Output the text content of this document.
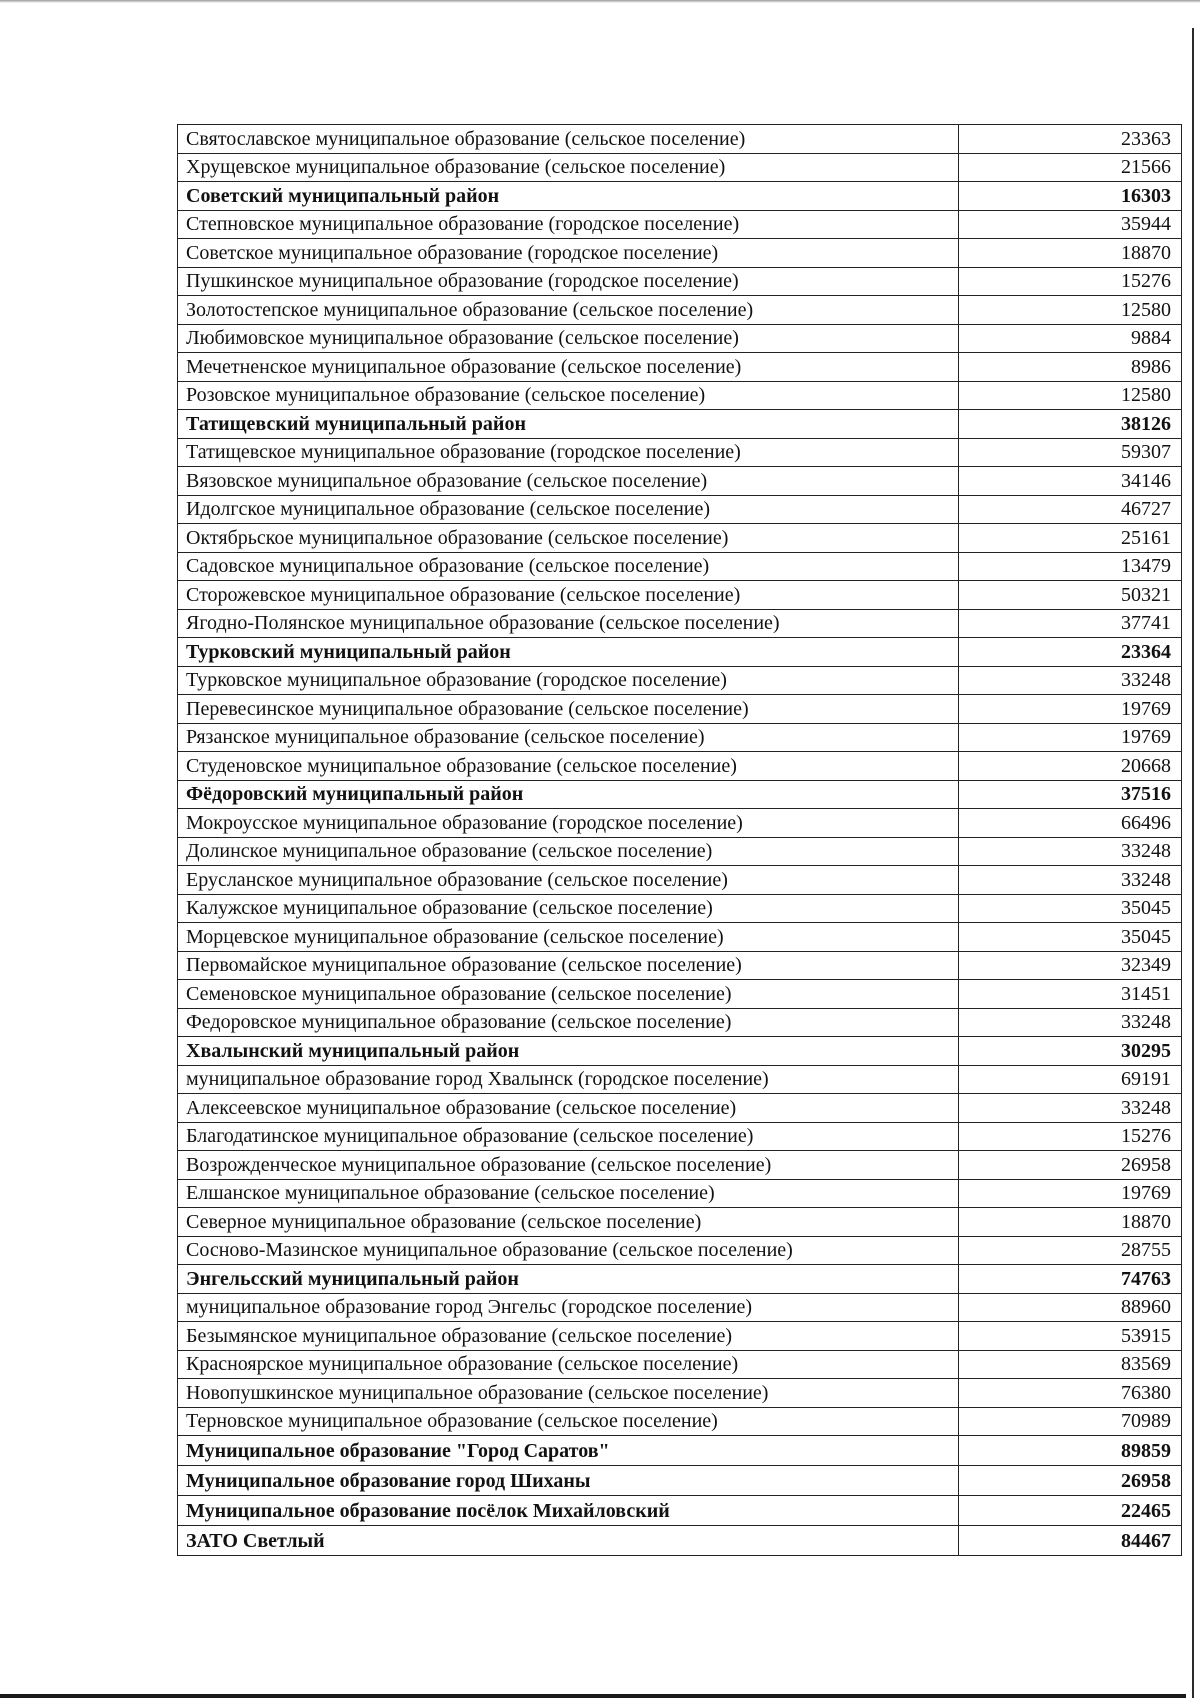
Святославское муниципальное образование (сельское поселение)	23363
Хрущевское муниципальное образование (сельское поселение)	21566
Советский муниципальный район	16303
Степновское муниципальное образование (городское поселение)	35944
Советское муниципальное образование (городское поселение)	18870
Пушкинское муниципальное образование (городское поселение)	15276
Золотостепское муниципальное образование (сельское поселение)	12580
Любимовское муниципальное образование (сельское поселение)	9884
Мечетненское муниципальное образование (сельское поселение)	8986
Розовское муниципальное образование (сельское поселение)	12580
Татищевский муниципальный район	38126
Татищевское муниципальное образование (городское поселение)	59307
Вязовское муниципальное образование (сельское поселение)	34146
Идолгское муниципальное образование (сельское поселение)	46727
Октябрьское муниципальное образование (сельское поселение)	25161
Садовское муниципальное образование (сельское поселение)	13479
Сторожевское муниципальное образование (сельское поселение)	50321
Ягодно-Полянское муниципальное образование (сельское поселение)	37741
Турковский муниципальный район	23364
Турковское муниципальное образование (городское поселение)	33248
Перевесинское муниципальное образование (сельское поселение)	19769
Рязанское муниципальное образование (сельское поселение)	19769
Студеновское муниципальное образование (сельское поселение)	20668
Фёдоровский муниципальный район	37516
Мокроусское муниципальное образование (городское поселение)	66496
Долинское муниципальное образование (сельское поселение)	33248
Ерусланское муниципальное образование (сельское поселение)	33248
Калужское муниципальное образование (сельское поселение)	35045
Морцевское муниципальное образование (сельское поселение)	35045
Первомайское муниципальное образование (сельское поселение)	32349
Семеновское муниципальное образование (сельское поселение)	31451
Федоровское муниципальное образование (сельское поселение)	33248
Хвалынский муниципальный район	30295
муниципальное образование город Хвалынск (городское поселение)	69191
Алексеевское муниципальное образование (сельское поселение)	33248
Благодатинское муниципальное образование (сельское поселение)	15276
Возрожденческое муниципальное образование (сельское поселение)	26958
Елшанское муниципальное образование (сельское поселение)	19769
Северное муниципальное образование (сельское поселение)	18870
Сосново-Мазинское муниципальное образование (сельское поселение)	28755
Энгельсский муниципальный район	74763
муниципальное образование город Энгельс (городское поселение)	88960
Безымянское муниципальное образование (сельское поселение)	53915
Красноярское муниципальное образование (сельское поселение)	83569
Новопушкинское муниципальное образование (сельское поселение)	76380
Терновское муниципальное образование (сельское поселение)	70989
Муниципальное образование "Город Саратов"	89859
Муниципальное образование город Шиханы	26958
Муниципальное образование посёлок Михайловский	22465
ЗАТО Светлый	84467
